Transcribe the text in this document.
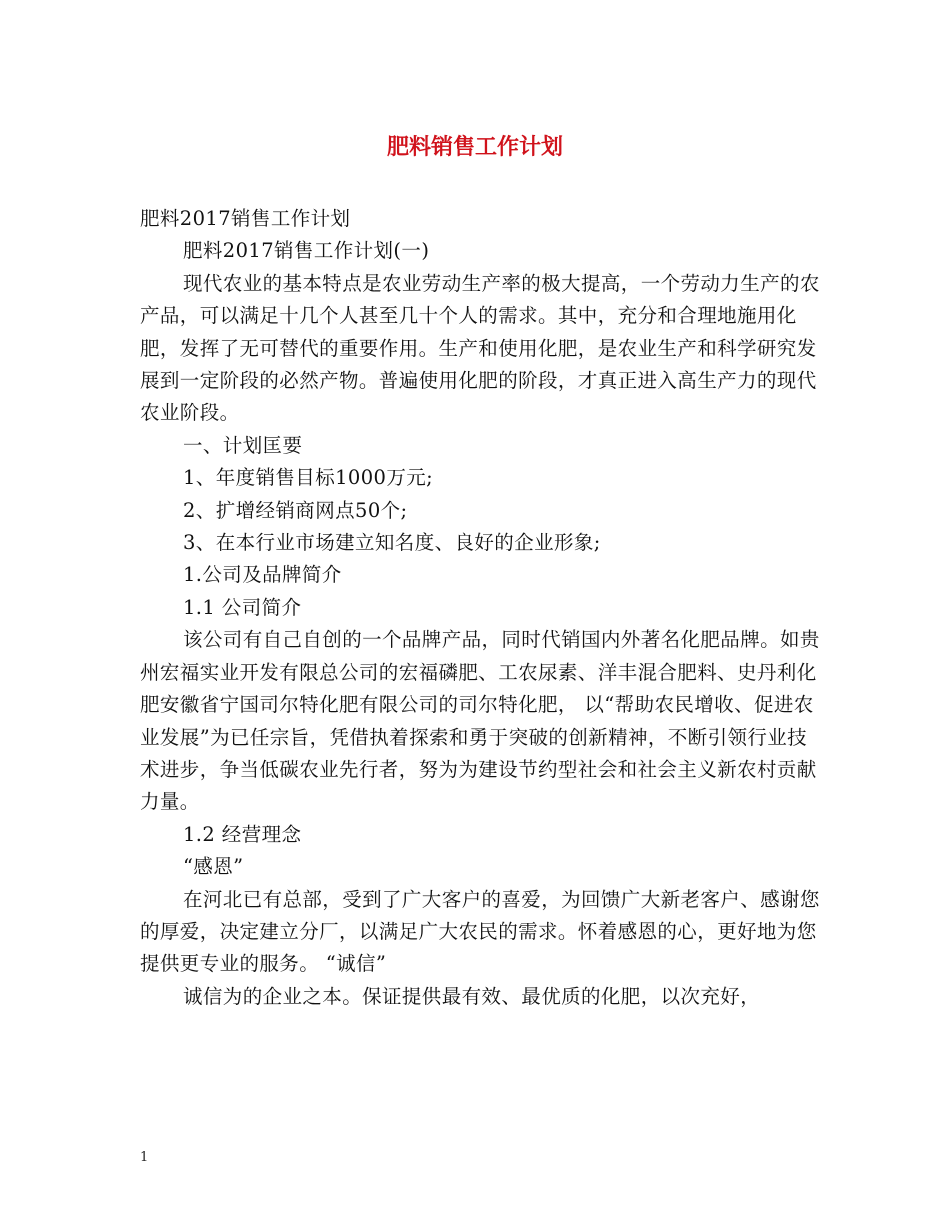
肥料销售工作计划

肥料2017销售工作计划

肥料2017销售工作计划(一)

现代农业的基本特点是农业劳动生产率的极大提高，一个劳动力生产的农产品，可以满足十几个人甚至几十个人的需求。其中，充分和合理地施用化肥，发挥了无可替代的重要作用。生产和使用化肥，是农业生产和科学研究发展到一定阶段的必然产物。普遍使用化肥的阶段，才真正进入高生产力的现代农业阶段。

一、计划匡要

1、年度销售目标1000万元;

2、扩增经销商网点50个;

3、在本行业市场建立知名度、良好的企业形象;

1.公司及品牌简介

1.1 公司简介

该公司有自己自创的一个品牌产品，同时代销国内外著名化肥品牌。如贵州宏福实业开发有限总公司的宏福磷肥、工农尿素、洋丰混合肥料、史丹利化肥安徽省宁国司尔特化肥有限公司的司尔特化肥， 以“帮助农民增收、促进农业发展”为已任宗旨，凭借执着探索和勇于突破的创新精神，不断引领行业技术进步，争当低碳农业先行者，努为为建设节约型社会和社会主义新农村贡献力量。

1.2 经营理念

“感恩”

在河北已有总部，受到了广大客户的喜爱，为回馈广大新老客户、感谢您的厚爱，决定建立分厂，以满足广大农民的需求。怀着感恩的心，更好地为您提供更专业的服务。 “诚信”

诚信为的企业之本。保证提供最有效、最优质的化肥，以次充好，

1
